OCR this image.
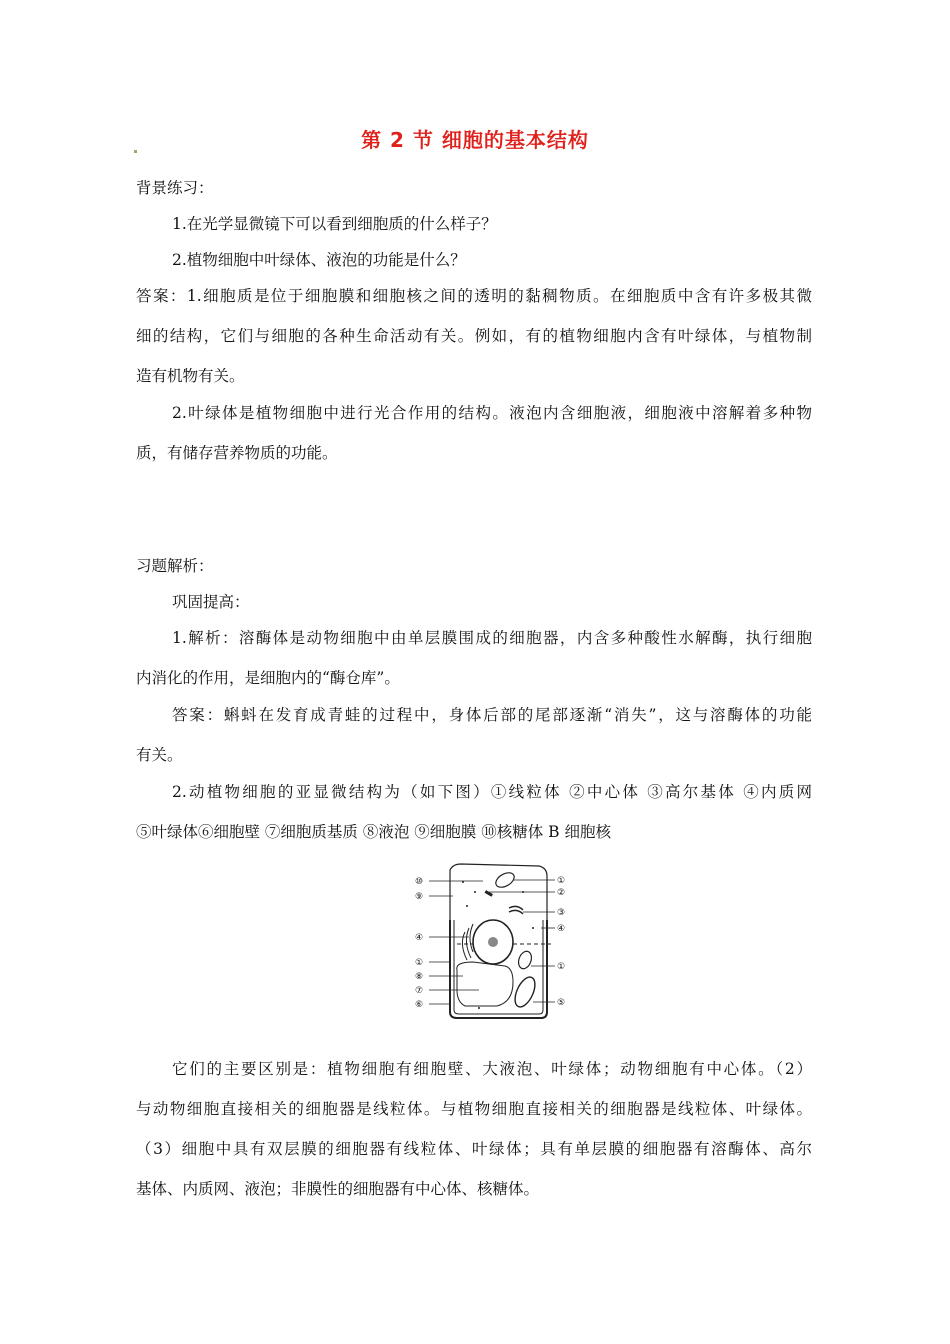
第 2 节 细胞的基本结构
背景练习：
1.在光学显微镜下可以看到细胞质的什么样子？
2.植物细胞中叶绿体、液泡的功能是什么？
答案：1.细胞质是位于细胞膜和细胞核之间的透明的黏稠物质。在细胞质中含有许多极其微
细的结构，它们与细胞的各种生命活动有关。例如，有的植物细胞内含有叶绿体，与植物制
造有机物有关。
2.叶绿体是植物细胞中进行光合作用的结构。液泡内含细胞液，细胞液中溶解着多种物
质，有储存营养物质的功能。
习题解析：
巩固提高：
1.解析：溶酶体是动物细胞中由单层膜围成的细胞器，内含多种酸性水解酶，执行细胞
内消化的作用，是细胞内的“酶仓库”。
答案：蝌蚪在发育成青蛙的过程中，身体后部的尾部逐渐“消失”，这与溶酶体的功能
有关。
2.动植物细胞的亚显微结构为（如下图）①线粒体 ②中心体 ③高尔基体 ④内质网
⑤叶绿体⑥细胞壁 ⑦细胞质基质 ⑧液泡 ⑨细胞膜 ⑩核糖体 B 细胞核
⑩
⑨
④
①
⑧
⑦
⑥
①
②
③
④
①
⑤
它们的主要区别是：植物细胞有细胞壁、大液泡、叶绿体；动物细胞有中心体。（2）
与动物细胞直接相关的细胞器是线粒体。与植物细胞直接相关的细胞器是线粒体、叶绿体。
（3）细胞中具有双层膜的细胞器有线粒体、叶绿体；具有单层膜的细胞器有溶酶体、高尔
基体、内质网、液泡；非膜性的细胞器有中心体、核糖体。
